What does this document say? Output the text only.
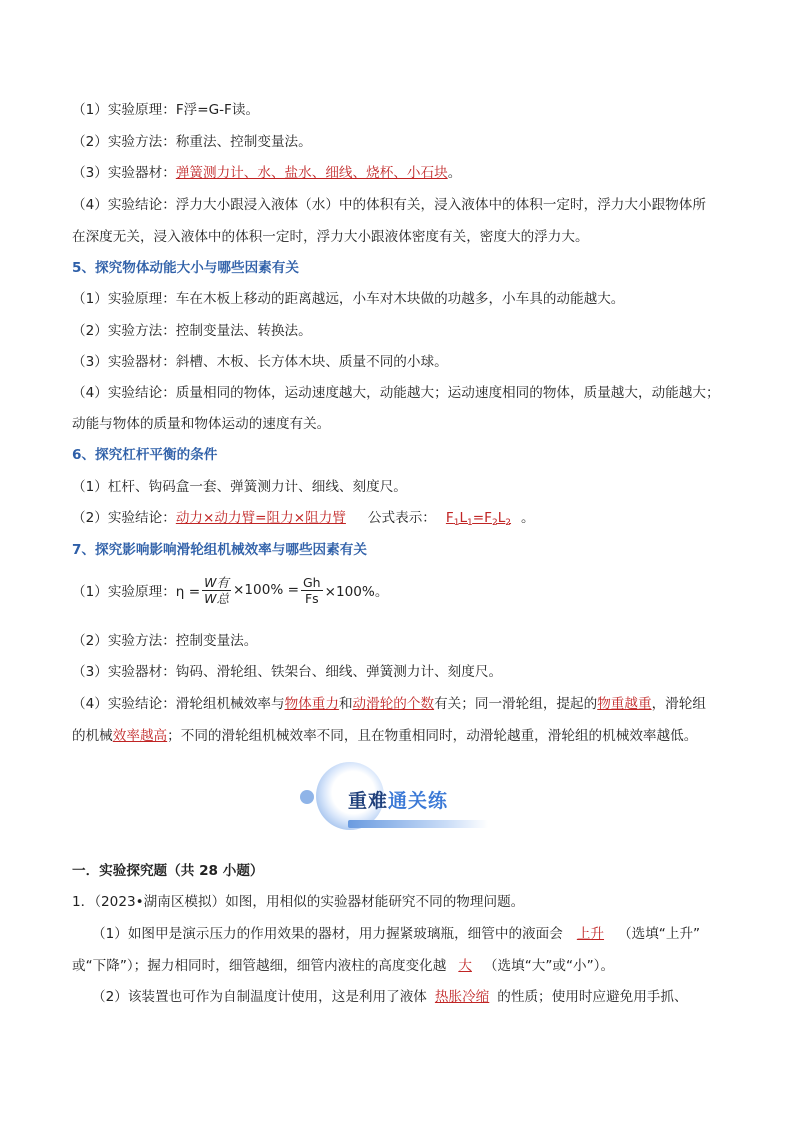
（1）实验原理：F浮=G-F读。
（2）实验方法：称重法、控制变量法。
（3）实验器材：弹簧测力计、水、盐水、细线、烧杯、小石块。
（4）实验结论：浮力大小跟浸入液体（水）中的体积有关，浸入液体中的体积一定时，浮力大小跟物体所
在深度无关，浸入液体中的体积一定时，浮力大小跟液体密度有关，密度大的浮力大。
5、探究物体动能大小与哪些因素有关
（1）实验原理：车在木板上移动的距离越远，小车对木块做的功越多，小车具的动能越大。
（2）实验方法：控制变量法、转换法。
（3）实验器材：斜槽、木板、长方体木块、质量不同的小球。
（4）实验结论：质量相同的物体，运动速度越大，动能越大；运动速度相同的物体，质量越大，动能越大；
动能与物体的质量和物体运动的速度有关。
6、探究杠杆平衡的条件
（1）杠杆、钩码盒一套、弹簧测力计、细线、刻度尺。
（2）实验结论：动力×动力臂=阻力×阻力臂 公式表示： $F_1L_1=F_2L_2$ 。
7、探究影响影响滑轮组机械效率与哪些因素有关
（1）实验原理：$\eta = \frac{\text{W有}}{\text{W总}} \times 100\% = \frac{Gh}{Fs} \times 100\%$。
（2）实验方法：控制变量法。
（3）实验器材：钩码、滑轮组、铁架台、细线、弹簧测力计、刻度尺。
（4）实验结论：滑轮组机械效率与物体重力和动滑轮的个数有关；同一滑轮组，提起的物重越重，滑轮组
的机械效率越高；不同的滑轮组机械效率不同，且在物重相同时，动滑轮越重，滑轮组的机械效率越低。
重难通关练
一．实验探究题（共 28 小题）
1．（2023•湖南区模拟）如图，用相似的实验器材能研究不同的物理问题。
（1）如图甲是演示压力的作用效果的器材，用力握紧玻璃瓶，细管中的液面会 上升 （选填“上升”
或“下降”）；握力相同时，细管越细，细管内液柱的高度变化越 大 （选填“大”或“小”）。
（2）该装置也可作为自制温度计使用，这是利用了液体 热胀冷缩 的性质；使用时应避免用手抓、
